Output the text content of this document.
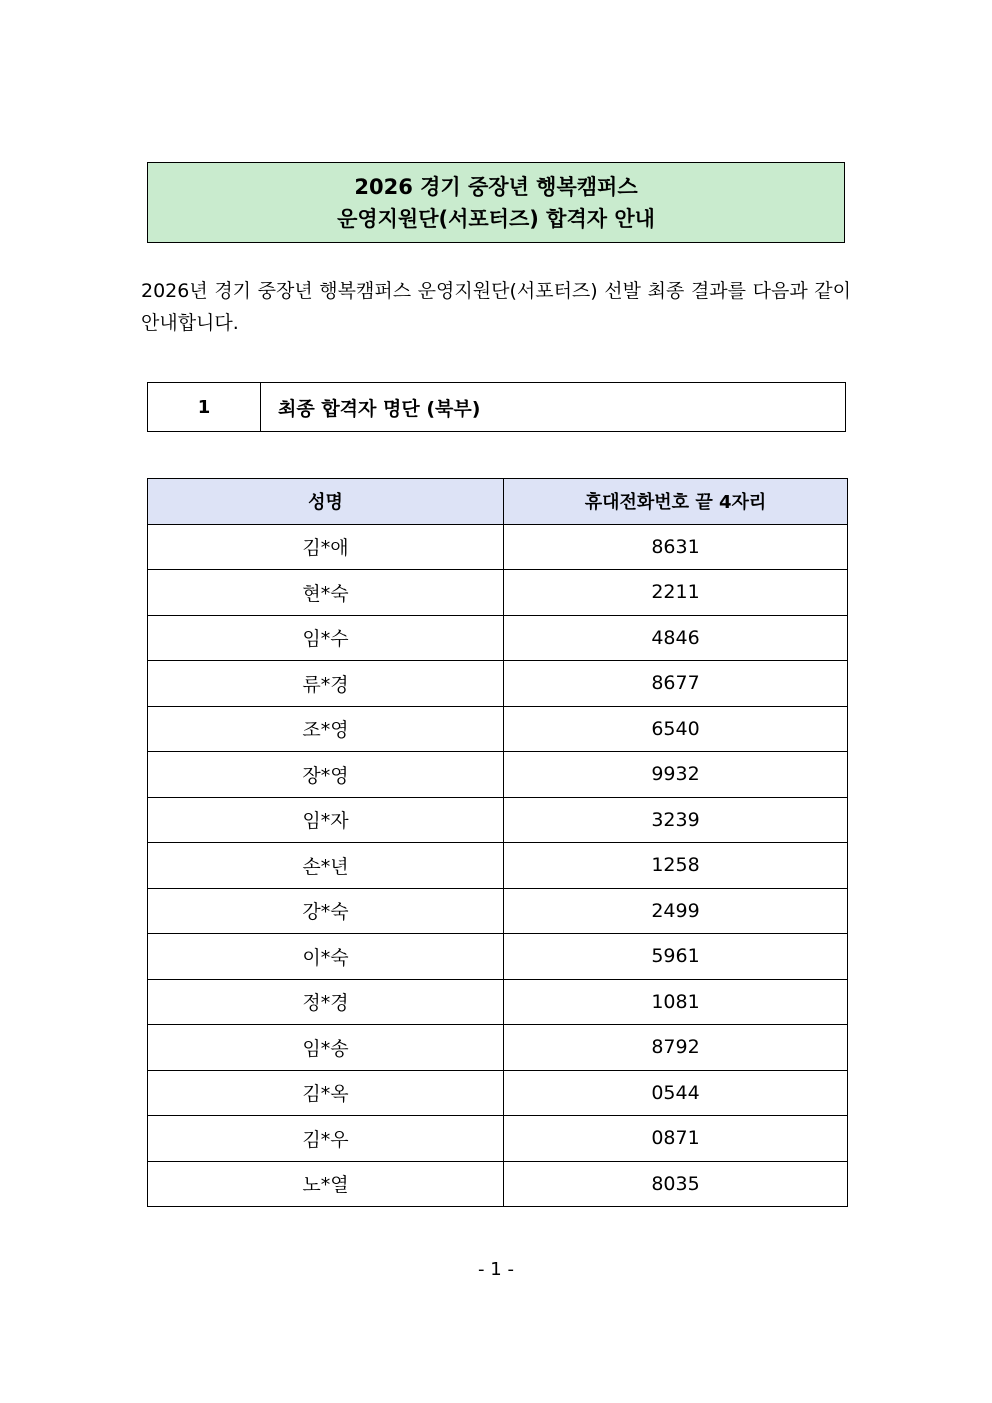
2026 경기 중장년 행복캠퍼스
운영지원단(서포터즈) 합격자 안내

2026년 경기 중장년 행복캠퍼스 운영지원단(서포터즈) 선발 최종 결과를 다음과 같이 안내합니다.

1	최종 합격자 명단 (북부)
성명	휴대전화번호 끝 4자리
김*애	8631
현*숙	2211
임*수	4846
류*경	8677
조*영	6540
장*영	9932
임*자	3239
손*년	1258
강*숙	2499
이*숙	5961
정*경	1081
임*송	8792
김*옥	0544
김*우	0871
노*열	8035
- 1 -
